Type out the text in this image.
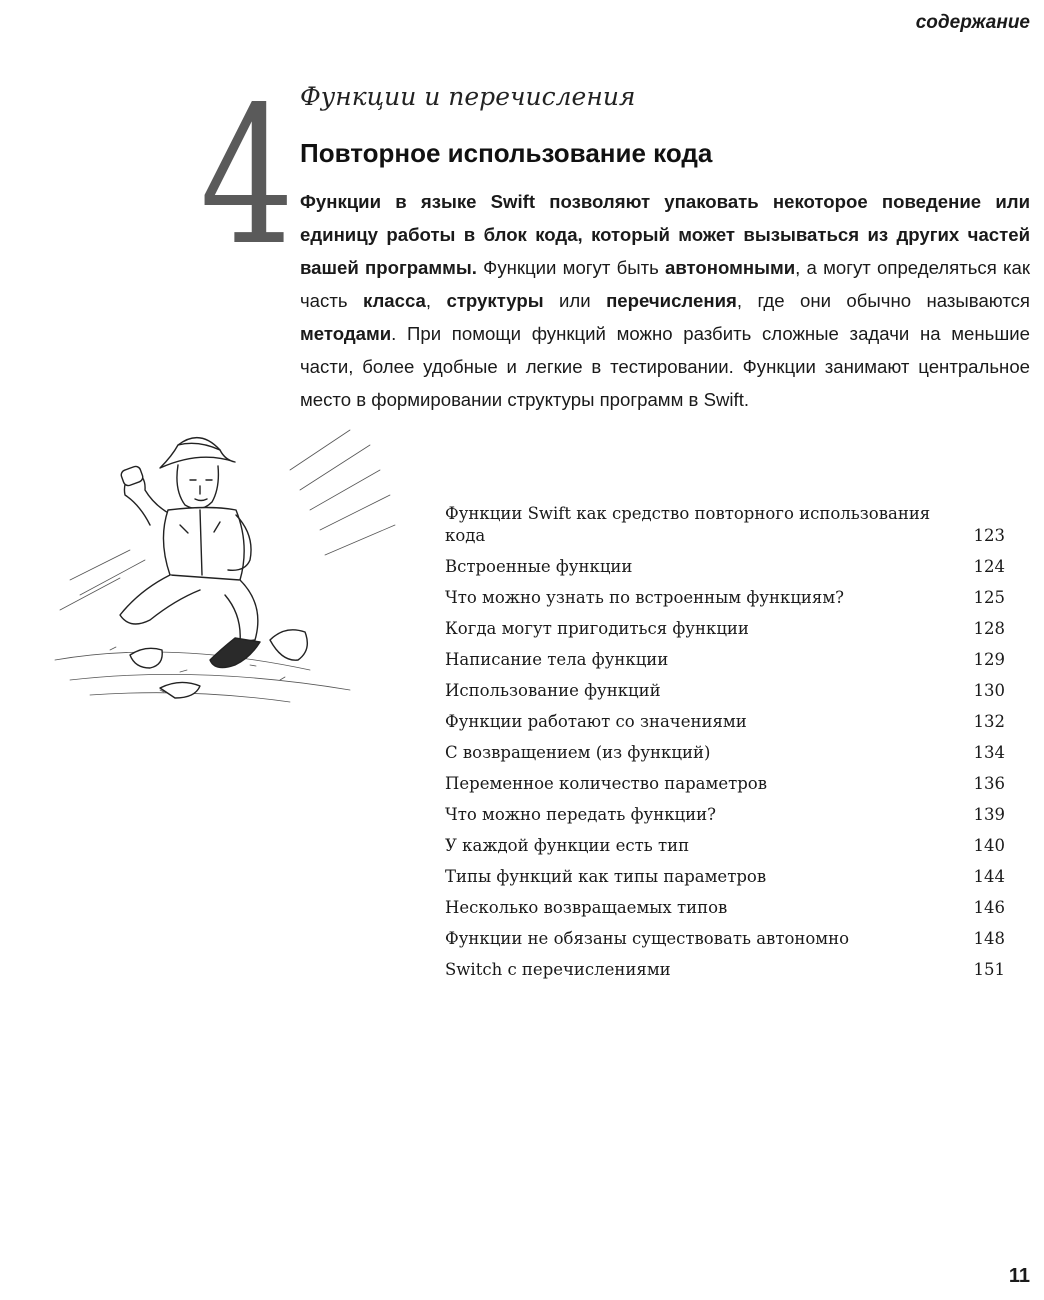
содержание
4 Функции и перечисления
Повторное использование кода

Функции в языке Swift позволяют упаковать некоторое поведение или единицу работы в блок кода, который может вызываться из других частей вашей программы. Функции могут быть автономными, а могут определяться как часть класса, структуры или перечисления, где они обычно называются методами. При помощи функций можно разбить сложные задачи на меньшие части, более удобные и легкие в тестировании. Функции занимают центральное место в формировании структуры программ в Swift.

Функции Swift как средство повторного использования кода	123
Встроенные функции	124
Что можно узнать по встроенным функциям?	125
Когда могут пригодиться функции	128
Написание тела функции	129
Использование функций	130
Функции работают со значениями	132
С возвращением (из функций)	134
Переменное количество параметров	136
Что можно передать функции?	139
У каждой функции есть тип	140
Типы функций как типы параметров	144
Несколько возвращаемых типов	146
Функции не обязаны существовать автономно	148
Switch с перечислениями	151
11
